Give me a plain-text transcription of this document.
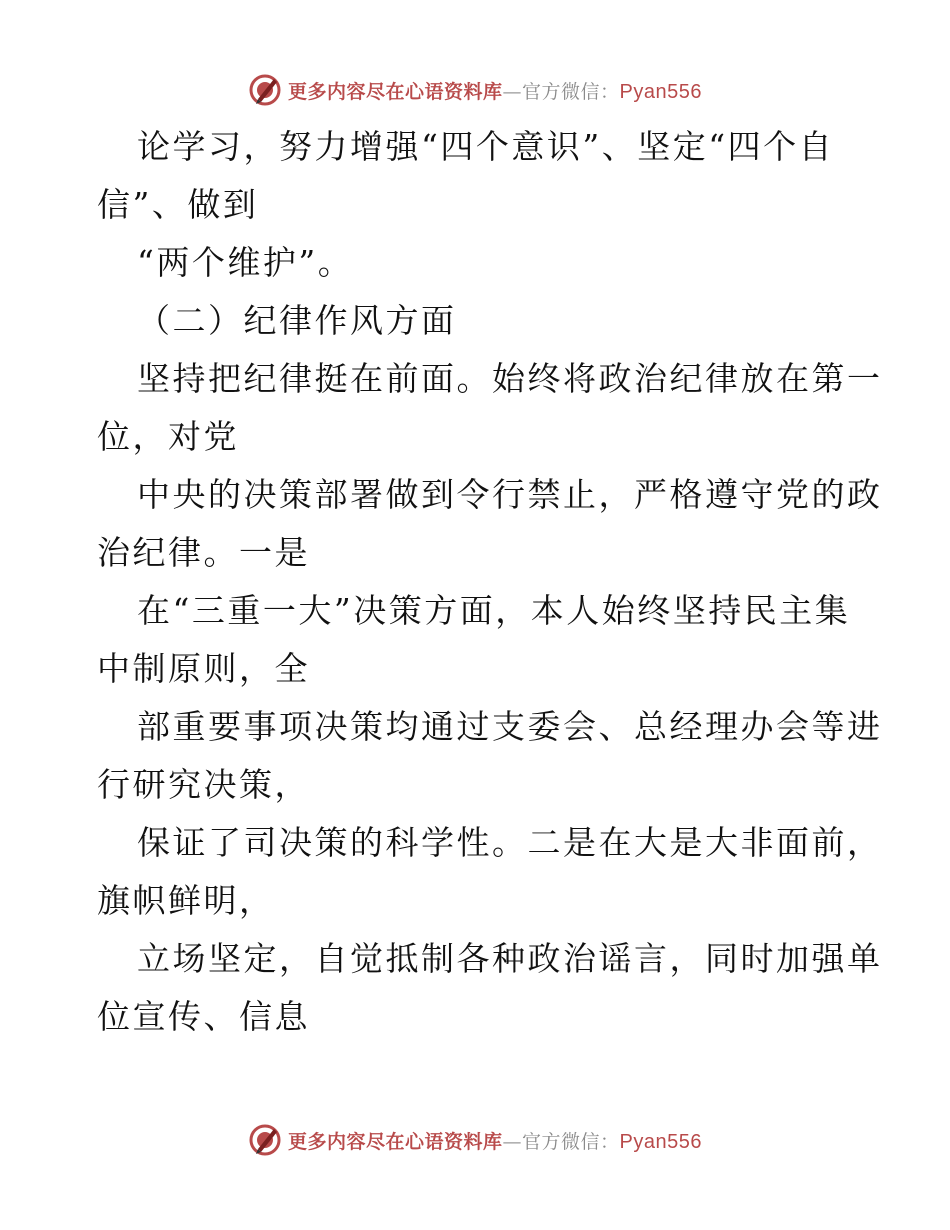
更多内容尽在心语资料库—官方微信：Pyan556
论学习，努力增强“四个意识”、坚定“四个自
信”、做到
“两个维护”。
（二）纪律作风方面
坚持把纪律挺在前面。始终将政治纪律放在第一
位，对党
中央的决策部署做到令行禁止，严格遵守党的政
治纪律。一是
在“三重一大”决策方面，本人始终坚持民主集
中制原则，全
部重要事项决策均通过支委会、总经理办会等进
行研究决策，
保证了司决策的科学性。二是在大是大非面前，
旗帜鲜明，
立场坚定，自觉抵制各种政治谣言，同时加强单
位宣传、信息
更多内容尽在心语资料库—官方微信：Pyan556
